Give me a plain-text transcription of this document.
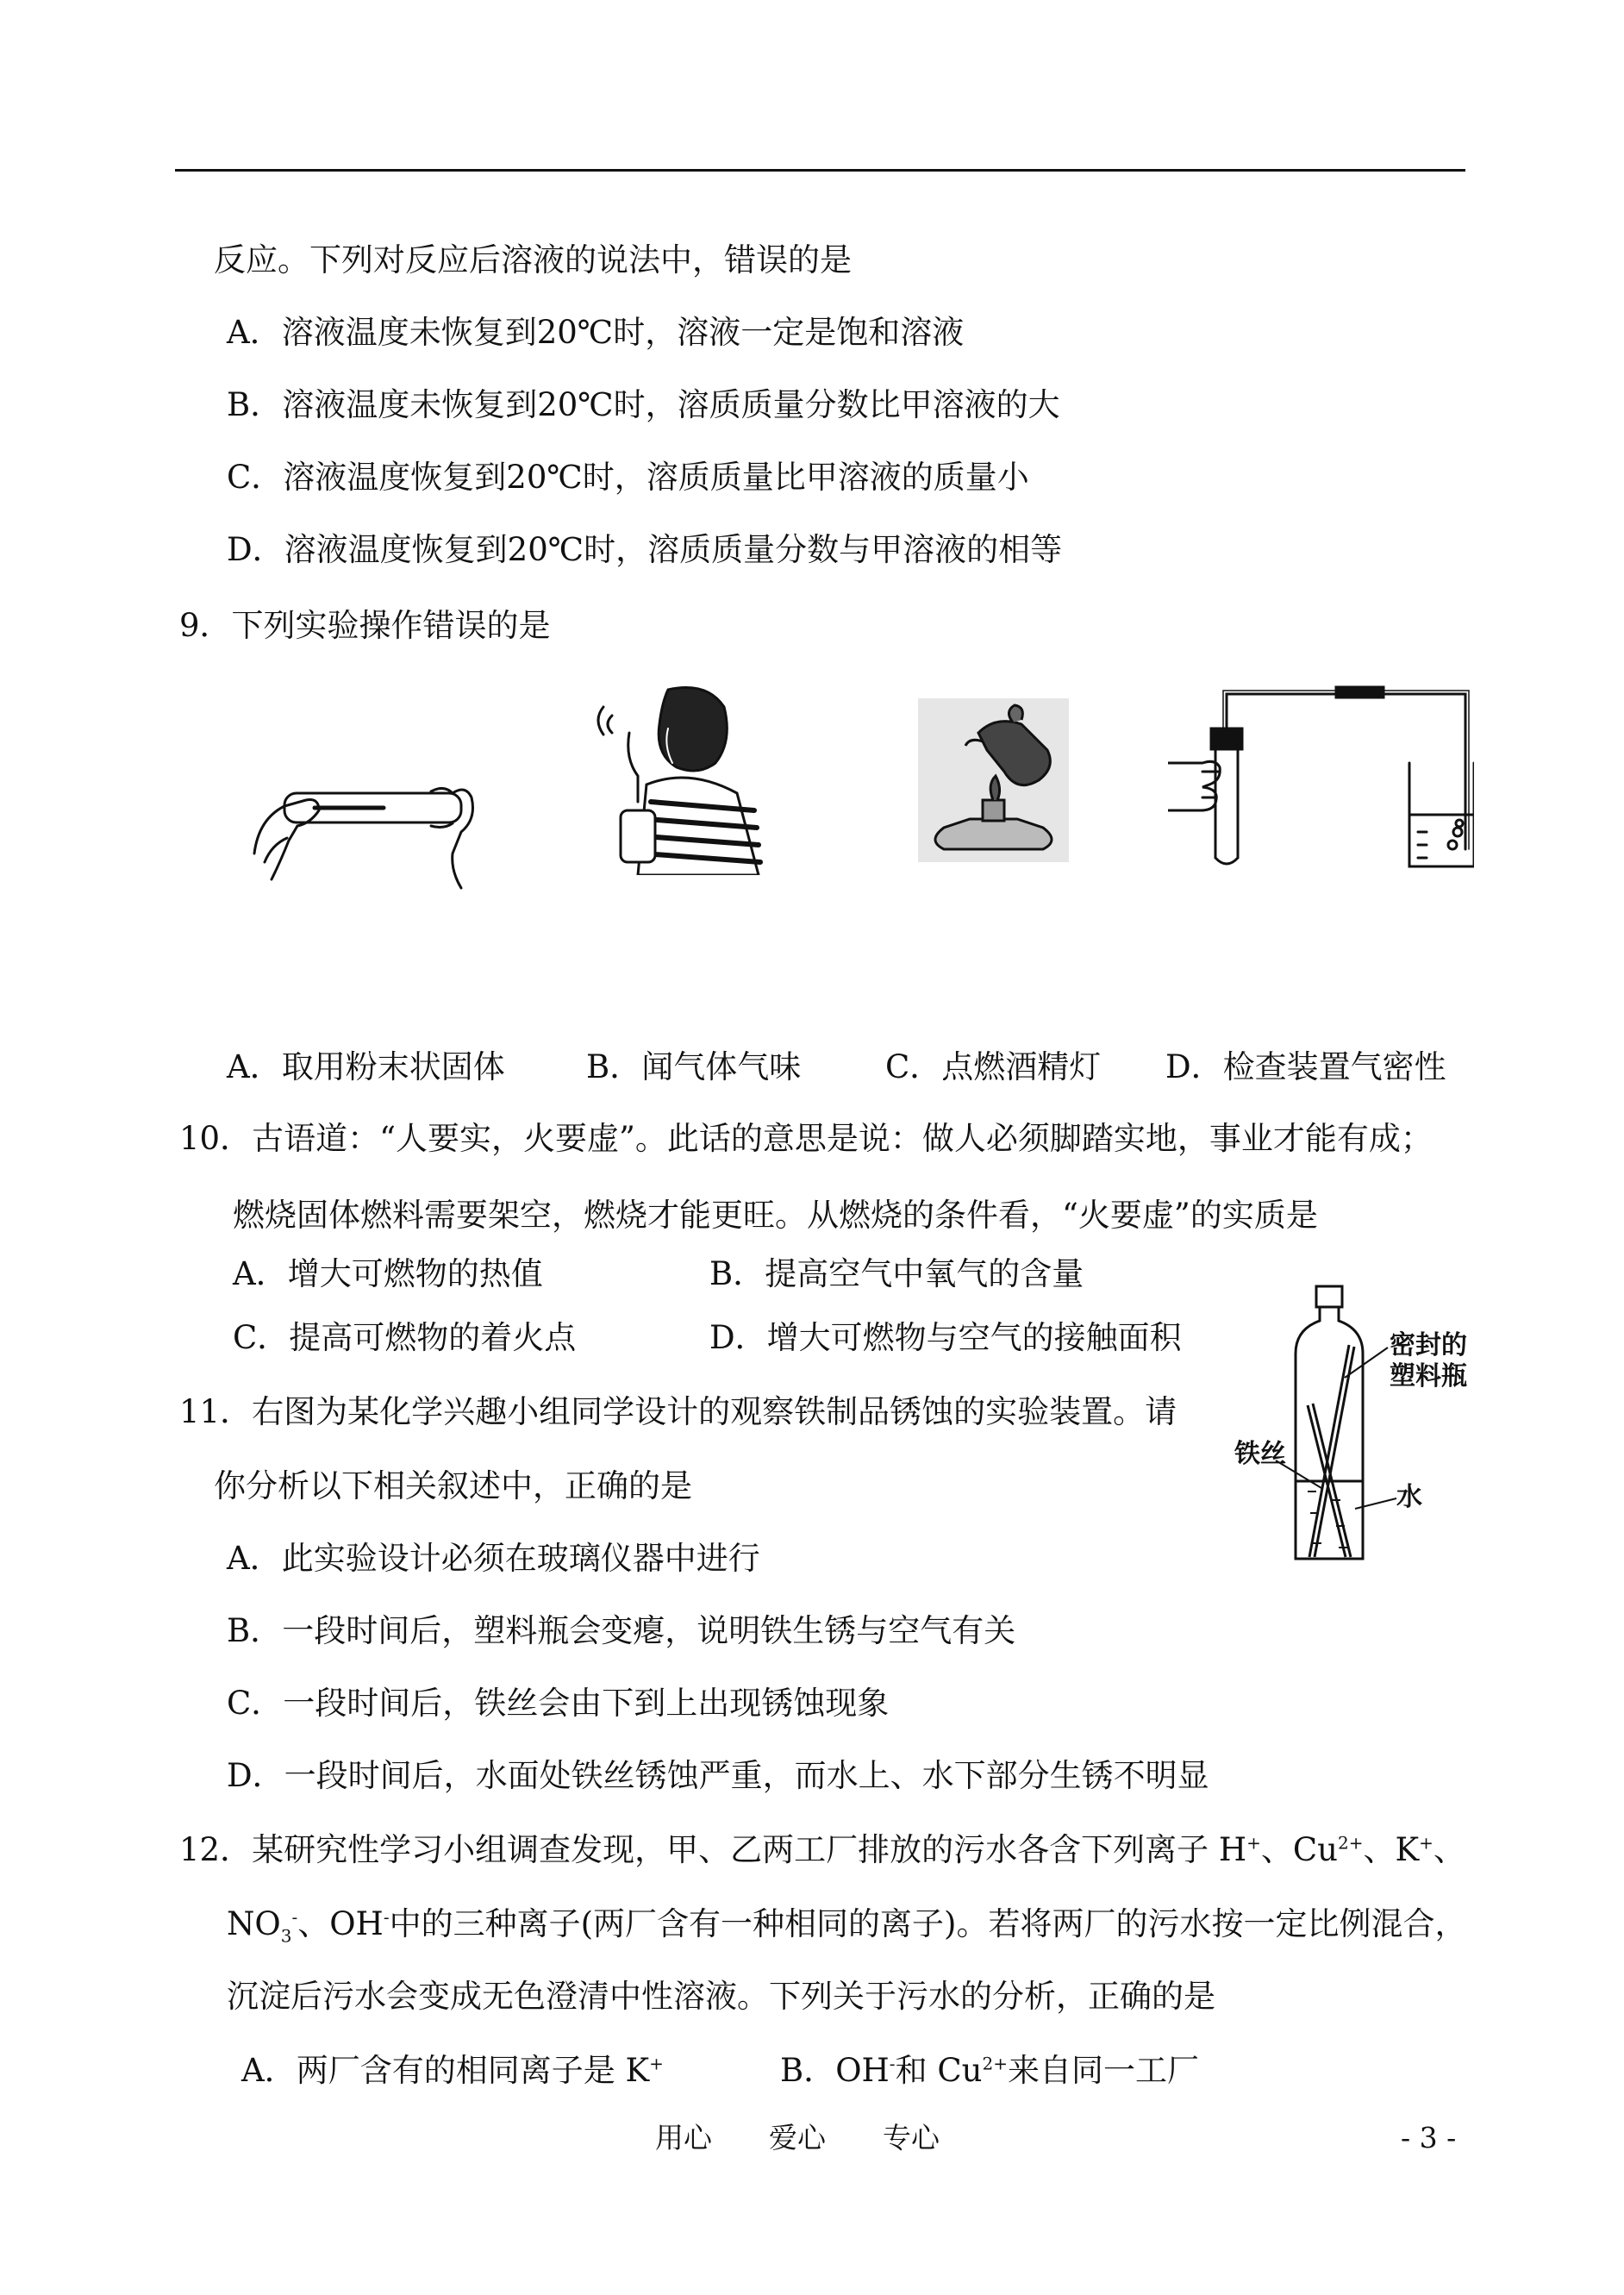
反应。下列对反应后溶液的说法中，错误的是
A．溶液温度未恢复到20℃时，溶液一定是饱和溶液
B．溶液温度未恢复到20℃时，溶质质量分数比甲溶液的大
C．溶液温度恢复到20℃时，溶质质量比甲溶液的质量小
D．溶液温度恢复到20℃时，溶质质量分数与甲溶液的相等
9．下列实验操作错误的是
A．取用粉末状固体	B．闻气体气味	C．点燃酒精灯 D．检查装置气密性
10．古语道：“人要实，火要虚”。此话的意思是说：做人必须脚踏实地，事业才能有成；
燃烧固体燃料需要架空，燃烧才能更旺。从燃烧的条件看，“火要虚”的实质是
A．增大可燃物的热值	B．提高空气中氧气的含量
C．提高可燃物的着火点	D．增大可燃物与空气的接触面积	密封的
塑料瓶
铁丝
水
11．右图为某化学兴趣小组同学设计的观察铁制品锈蚀的实验装置。请
你分析以下相关叙述中，正确的是
A．此实验设计必须在玻璃仪器中进行
B．一段时间后，塑料瓶会变瘪，说明铁生锈与空气有关
C．一段时间后，铁丝会由下到上出现锈蚀现象
D．一段时间后，水面处铁丝锈蚀严重，而水上、水下部分生锈不明显
12．某研究性学习小组调查发现，甲、乙两工厂排放的污水各含下列离子 H+、$Cu^{2+}$、K+、
$NO_3^-$、OH-中的三种离子(两厂含有一种相同的离子)。若将两厂的污水按一定比例混合，
沉淀后污水会变成无色澄清中性溶液。下列关于污水的分析，正确的是
A．两厂含有的相同离子是 K+	B．OH-和 $Cu^{2+}$来自同一工厂
用心　　爱心　　专心	- 3 -
